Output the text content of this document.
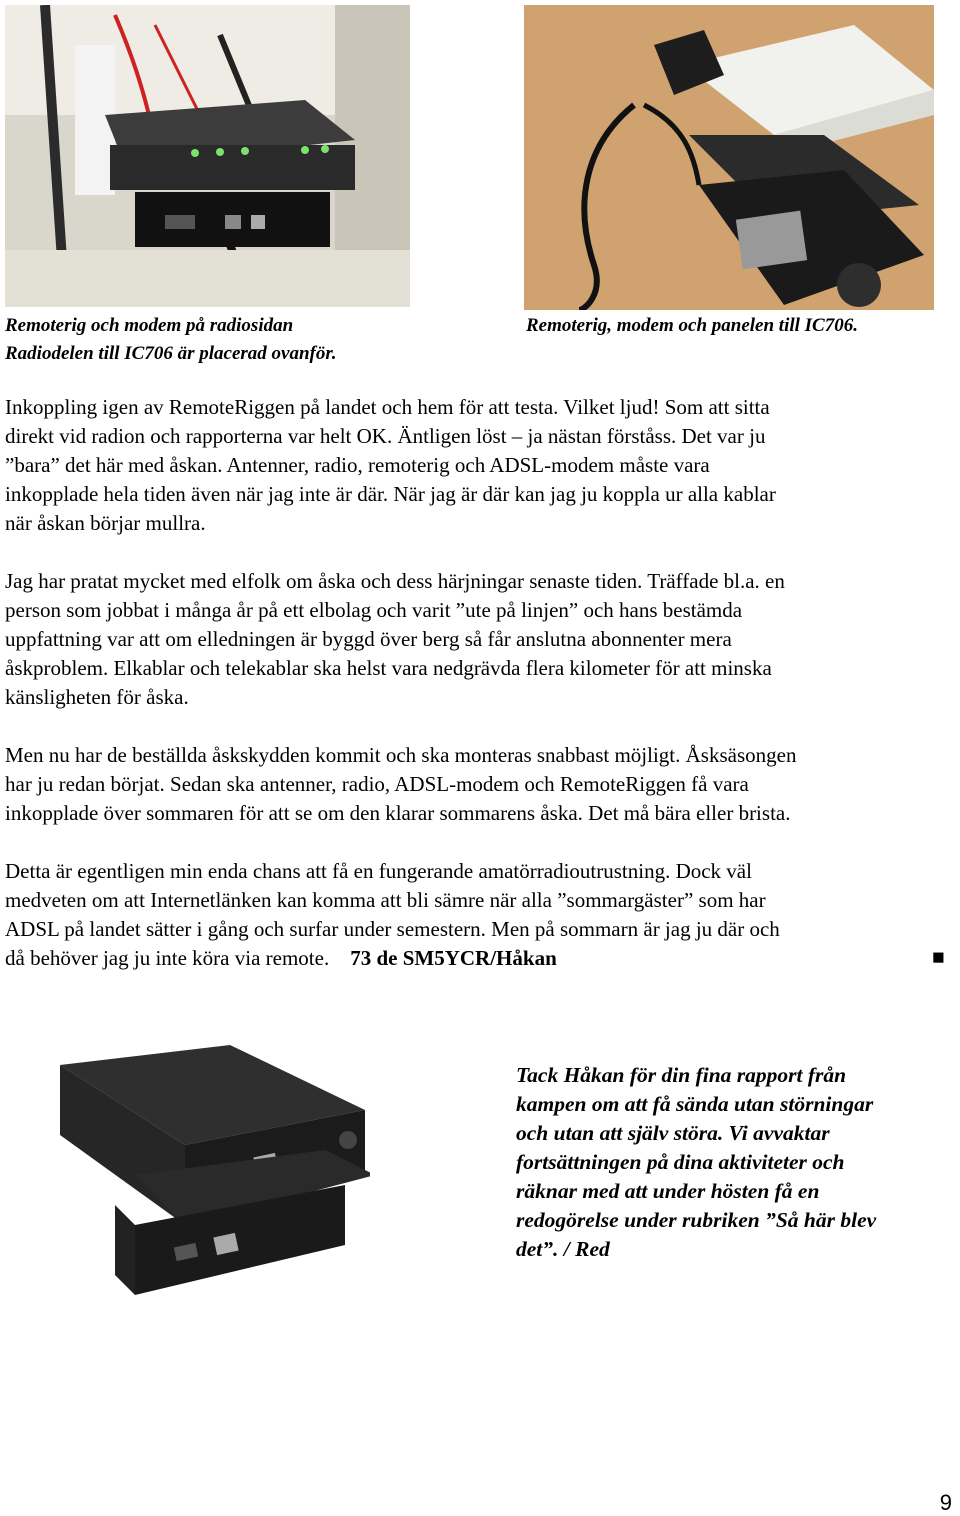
Remoterig och modem på radiosidan
Radiodelen till IC706 är placerad ovanför.
Remoterig, modem och panelen till IC706.
Inkoppling igen av RemoteRiggen på landet och hem för att testa. Vilket ljud! Som att sitta
direkt vid radion och rapporterna var helt OK. Äntligen löst – ja nästan förståss. Det var ju
”bara” det här med åskan. Antenner, radio, remoterig och ADSL-modem måste vara
inkopplade hela tiden även när jag inte är där. När jag är där kan jag ju koppla ur alla kablar
när åskan börjar mullra.
Jag har pratat mycket med elfolk om åska och dess härjningar senaste tiden. Träffade bl.a. en
person som jobbat i många år på ett elbolag och varit ”ute på linjen” och hans bestämda
uppfattning var att om elledningen är byggd över berg så får anslutna abonnenter mera
åskproblem. Elkablar och telekablar ska helst vara nedgrävda flera kilometer för att minska
känsligheten för åska.
Men nu har de beställda åskskydden kommit och ska monteras snabbast möjligt. Åsksäsongen
har ju redan börjat. Sedan ska antenner, radio, ADSL-modem och RemoteRiggen få vara
inkopplade över sommaren för att se om den klarar sommarens åska. Det må bära eller brista.
Detta är egentligen min enda chans att få en fungerande amatörradioutrustning. Dock väl
medveten om att Internetlänken kan komma att bli sämre när alla ”sommargäster” som har
ADSL på landet sätter i gång och surfar under semestern. Men på sommarn är jag ju där och
då behöver jag ju inte köra via remote. 73 de SM5YCR/Håkan	■
Tack Håkan för din fina rapport från
kampen om att få sända utan störningar
och utan att själv störa. Vi avvaktar
fortsättningen på dina aktiviteter och
räknar med att under hösten få en
redogörelse under rubriken ”Så här blev
det”. / Red
9
